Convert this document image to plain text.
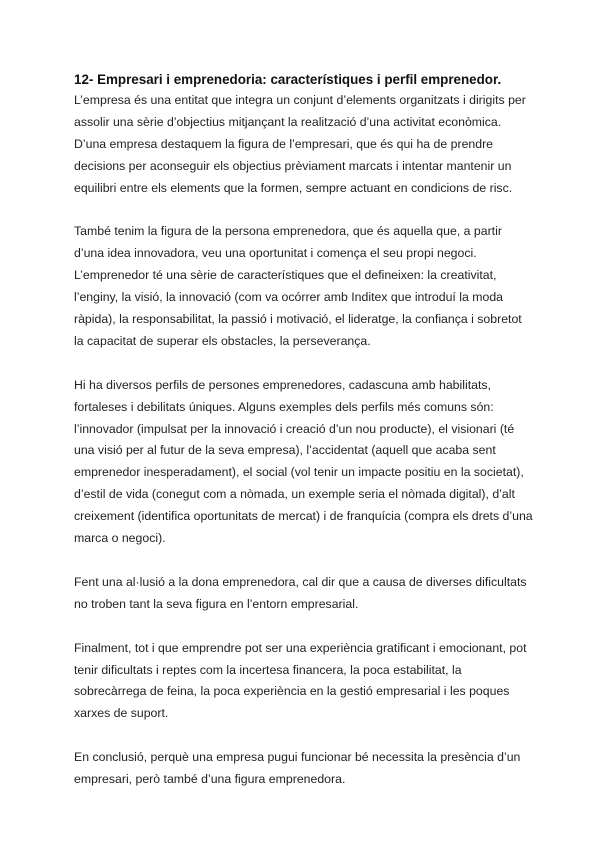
12- Empresari i emprenedoria: característiques i perfil emprenedor.

L’empresa és una entitat que integra un conjunt d’elements organitzats i dirigits per assolir una sèrie d’objectius mitjançant la realització d’una activitat econòmica.

D’una empresa destaquem la figura de l’empresari, que és qui ha de prendre decisions per aconseguir els objectius prèviament marcats i intentar mantenir un equilibri entre els elements que la formen, sempre actuant en condicions de risc.

També tenim la figura de la persona emprenedora, que és aquella que, a partir d’una idea innovadora, veu una oportunitat i comença el seu propi negoci. L’emprenedor té una sèrie de característiques que el defineixen: la creativitat, l’enginy, la visió, la innovació (com va ocórrer amb Inditex que introduí la moda ràpida), la responsabilitat, la passió i motivació, el lideratge, la confiança i sobretot la capacitat de superar els obstacles, la perseverança.

Hi ha diversos perfils de persones emprenedores, cadascuna amb habilitats, fortaleses i debilitats úniques. Alguns exemples dels perfils més comuns són: l’innovador (impulsat per la innovació i creació d’un nou producte), el visionari (té una visió per al futur de la seva empresa), l’accidentat (aquell que acaba sent emprenedor inesperadament), el social (vol tenir un impacte positiu en la societat), d’estil de vida (conegut com a nòmada, un exemple seria el nòmada digital), d’alt creixement (identifica oportunitats de mercat) i de franquícia (compra els drets d’una marca o negoci).

Fent una al·lusió a la dona emprenedora, cal dir que a causa de diverses dificultats no troben tant la seva figura en l’entorn empresarial.

Finalment, tot i que emprendre pot ser una experiència gratificant i emocionant, pot tenir dificultats i reptes com la incertesa financera, la poca estabilitat, la sobrecàrrega de feina, la poca experiència en la gestió empresarial i les poques xarxes de suport.

En conclusió, perquè una empresa pugui funcionar bé necessita la presència d’un empresari, però també d’una figura emprenedora.
